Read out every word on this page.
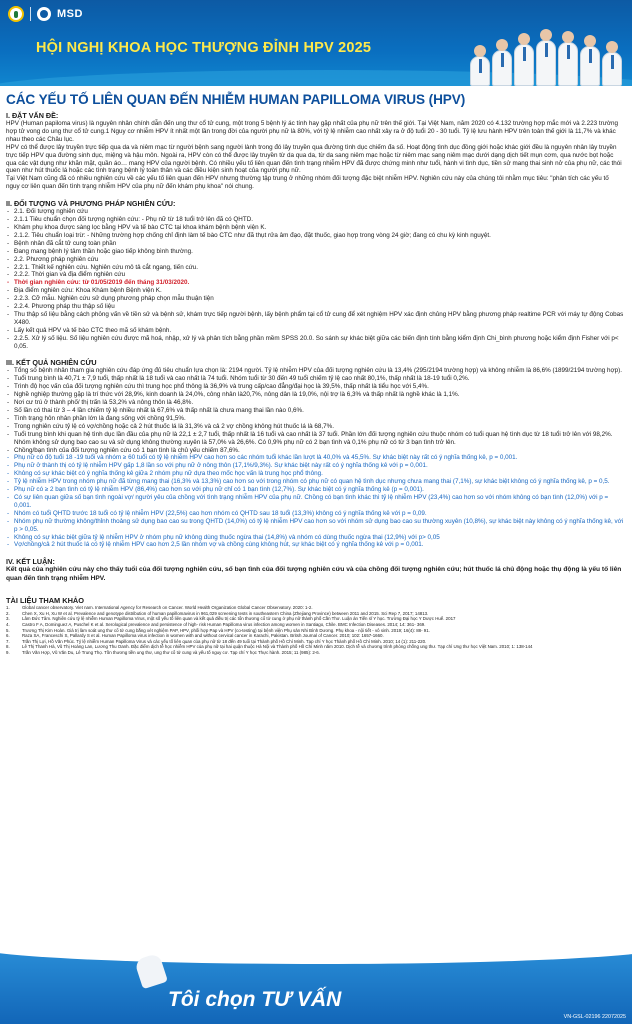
MSD
HỘI NGHỊ KHOA HỌC THƯỢNG ĐỈNH HPV 2025
CÁC YẾU TỐ LIÊN QUAN ĐẾN NHIỄM HUMAN PAPILLOMA VIRUS (HPV)
I. ĐẶT VẤN ĐỀ:

HPV (Human papiloma virus) là nguyên nhân chính dẫn đến ung thư cổ tử cung, một trong 5 bệnh lý ác tính hay gặp nhất của phụ nữ trên thế giới. Tại Việt Nam, năm 2020 có 4.132 trường hợp mắc mới và 2.223 trường hợp tử vong do ung thư cổ tử cung.1 Nguy cơ nhiễm HPV ít nhất một lần trong đời của người phụ nữ là 80%, với tỷ lệ nhiễm cao nhất xảy ra ở độ tuổi 20 - 30 tuổi. Tỷ lệ lưu hành HPV trên toàn thế giới là 11,7% và khác nhau theo các Châu lục.

HPV có thể được lây truyền trực tiếp qua da và niêm mạc từ người bệnh sang người lành trong đó lây truyền qua đường tình dục chiếm đa số. Hoạt động tình dục đồng giới hoặc khác giới đều là nguyên nhân lây truyền trực tiếp HPV qua đường sinh dục, miệng và hậu môn. Ngoài ra, HPV còn có thể được lây truyền từ da qua da, từ da sang niêm mạc hoặc từ niêm mạc sang niêm mạc dưới dạng dịch tiết mụn cơm, qua nước bọt hoặc qua các vật dụng như khăn mặt, quần áo… mang HPV của người bệnh. Có nhiều yếu tố liên quan đến tình trạng nhiễm HPV đã được chứng minh như tuổi, hành vi tình dục, tiền sử mang thai sinh nở của phụ nữ, các thói quen như hút thuốc lá hoặc các tình trạng bệnh lý toàn thân và các điều kiện sinh hoạt của người phụ nữ.

Tại Việt Nam cũng đã có nhiều nghiên cứu về các yếu tố liên quan đến HPV nhưng thường tập trung ở những nhóm đối tượng đặc biệt nhiễm HPV. Nghiên cứu này của chúng tôi nhằm mục tiêu: "phân tích các yếu tố nguy cơ liên quan đến tình trạng nhiễm HPV của phụ nữ đến khám phụ khoa" nói chung.

II. ĐỐI TƯỢNG VÀ PHƯƠNG PHÁP NGHIÊN CỨU:

- 2.1. Đối tượng nghiên cứu

- 2.1.1 Tiêu chuẩn chọn đối tượng nghiên cứu: - Phụ nữ từ 18 tuổi trở lên đã có QHTD.

- Khám phụ khoa được sàng lọc bằng HPV và tế bào CTC tại khoa khám bệnh bệnh viện K.

- 2.1.2. Tiêu chuẩn loại trừ: - Những trường hợp chống chỉ định làm tế bào CTC như đã thụt rửa âm đạo, đặt thuốc, giao hợp trong vòng 24 giờ; đang có chu kỳ kinh nguyệt.

- Bệnh nhân đã cắt tử cung toàn phần

- Đang mang bệnh lý tâm thần hoặc giao tiếp không bình thường.

- 2.2. Phương pháp nghiên cứu

- 2.2.1. Thiết kế nghiên cứu. Nghiên cứu mô tả cắt ngang, tiến cứu.

- 2.2.2. Thời gian và địa điểm nghiên cứu

- Thời gian nghiên cứu: từ 01/05/2019 đến tháng 31/03/2020.

- Địa điểm nghiên cứu: Khoa Khám bệnh Bệnh viện K.

- 2.2.3. Cỡ mẫu. Nghiên cứu sử dụng phương pháp chọn mẫu thuận tiện

- 2.2.4. Phương pháp thu thập số liệu

- Thu thập số liệu bằng cách phỏng vấn về tiền sử và bệnh sử, khám trực tiếp người bệnh, lấy bệnh phẩm tại cổ tử cung để xét nghiệm HPV xác định chủng HPV bằng phương pháp realtime PCR với máy tự động Cobas X480.

- Lấy kết quả HPV và tế bào CTC theo mã số khám bệnh.

- 2.2.5. Xử lý số liệu. Số liệu nghiên cứu được mã hoá, nhập, xử lý và phân tích bằng phần mềm SPSS 20.0. So sánh sự khác biệt giữa các biến định tính bằng kiểm định Chi_bình phương hoặc kiểm định Fisher với p< 0,05.

III. KẾT QUẢ NGHIÊN CỨU

- Tổng số bệnh nhân tham gia nghiên cứu đáp ứng đủ tiêu chuẩn lựa chọn là: 2194 người. Tỷ lệ nhiễm HPV của đối tượng nghiên cứu là 13,4% (295/2194 trường hợp) và không nhiễm là 86,6% (1899/2194 trường hợp).

- Tuổi trung bình là 40,71 ± 7,9 tuổi, thấp nhất là 18 tuổi và cao nhất là 74 tuổi. Nhóm tuổi từ 30 đến 49 tuổi chiếm tỷ lệ cao nhất 80,1%, thấp nhất là 18-19 tuổi 0,2%.

- Trình độ học vấn của đối tượng nghiên cứu thì trung học phổ thông là 36,9% và trung cấp/cao đẳng/đại học là 39,5%, thấp nhất là tiểu học với 5,4%.

- Nghề nghiệp thường gặp là trí thức với 28,9%, kinh doanh là 24,0%, công nhân là20,7%, nông dân là 19,0%, nội trợ là 6,3% và thấp nhất là nghề khác là 1,1%.

- Nơi cư trú ở thành phố/ thị trấn là 53,2% và nông thôn là 46,8%.

- Số lần có thai từ 3 – 4 lần chiếm tỷ lệ nhiều nhất là 67,6% và thấp nhất là chưa mang thai lần nào 0,6%.

- Tình trạng hôn nhân phần lớn là đang sống với chồng 91,5%.

- Trong nghiên cứu tỷ lệ có vợ/chồng hoặc cả 2 hút thuốc lá là 31,3% và cả 2 vợ chồng không hút thuốc lá là 68,7%.

- Tuổi trung bình khi quan hệ tình dục lần đầu của phụ nữ là 22,1 ± 2,7 tuổi, thấp nhất là 16 tuổi và cao nhất là 37 tuổi. Phần lớn đối tượng nghiên cứu thuộc nhóm có tuổi quan hệ tình dục từ 18 tuổi trở lên với 98,2%. Nhóm không sử dụng bao cao su và sử dụng không thường xuyên là 57,0% và 26,6%. Có 0,9% phụ nữ có 2 bạn tình và 0,1% phụ nữ có từ 3 bạn tình trở lên.

- Chồng/bạn tình của đối tượng nghiên cứu có 1 bạn tình là chủ yếu chiếm 87,6%.

- Phụ nữ có độ tuổi 18 -19 tuổi và nhóm ≥ 60 tuổi có tỷ lệ nhiễm HPV cao hơn so các nhóm tuổi khác lần lượt là 40,0% và 45,5%. Sự khác biệt này rất có ý nghĩa thống kê, p = 0,001.

- Phụ nữ ở thành thị có tỷ lệ nhiễm HPV gấp 1,8 lần so với phụ nữ ở nông thôn (17,1%/9,3%). Sự khác biệt này rất có ý nghĩa thống kê với p = 0,001.

- Không có sự khác biệt có ý nghĩa thống kê giữa 2 nhóm phụ nữ dựa theo mốc học vấn là trung học phổ thông.

- Tỷ lệ nhiễm HPV trong nhóm phụ nữ đã từng mang thai (16,3% và 13,3%) cao hơn so với trong nhóm có phụ nữ có quan hệ tình dục nhưng chưa mang thai (7,1%), sự khác biệt không có ý nghĩa thống kê, p = 0,5.

- Phụ nữ có ≥ 2 bạn tình có tỷ lệ nhiễm HPV (86,4%) cao hơn so với phụ nữ chỉ có 1 bạn tình (12,7%). Sự khác biệt có ý nghĩa thống kê (p = 0,001).

- Có sự liên quan giữa số bạn tình ngoài vợ/ người yêu của chồng với tình trạng nhiễm HPV của phụ nữ. Chồng có bạn tình khác thì tỷ lệ nhiễm HPV (23,4%) cao hơn so với nhóm không có bạn tình (12,0%) với p = 0,001.

- Nhóm có tuổi QHTD trước 18 tuổi có tỷ lệ nhiễm HPV (22,5%) cao hơn nhóm có QHTD sau 18 tuổi (13,3%) không có ý nghĩa thống kê với p = 0,09.

- Nhóm phụ nữ thường không/thỉnh thoảng sử dụng bao cao su trong QHTD (14,0%) có tỷ lệ nhiễm HPV cao hơn so với nhóm sử dụng bao cao su thường xuyên (10,8%), sự khác biệt này không có ý nghĩa thống kê, với p > 0,05.

- Không có sự khác biệt giữa tỷ lệ nhiễm HPV ở nhóm phụ nữ không dùng thuốc ngừa thai (14,8%) và nhóm có dùng thuốc ngừa thai (12,9%) với p> 0,05

- Vợ/chồng/cả 2 hút thuốc lá có tỷ lệ nhiễm HPV cao hơn 2,5 lần nhóm vợ và chồng cùng không hút, sự khác biệt có ý nghĩa thống kê với p = 0,001.

IV. KẾT LUẬN:

Kết quả của nghiên cứu này cho thấy tuổi của đối tượng nghiên cứu, số bạn tình của đối tượng nghiên cứu và của chồng đối tượng nghiên cứu; hút thuốc lá chủ động hoặc thụ động là yếu tố liên quan đến tình trạng nhiễm HPV.

TÀI LIỆU THAM KHẢO
1.	Global cancer observatory. Viet nam. International Agency for Research on Cancer. World Health Organization Global Cancer Observatory. 2020: 1-2.
2.	Chen X, Xu H, Xu W et al. Prevalence and genotype distribution of human papillomavirus in 961,029 screening tests in southeastern China (Zhejiang Province) between 2011 and 2015. Sci Rep 7, 2017; 14813.
3.	Lâm Đức Tâm. Nghiên cứu tỷ lệ nhiễm Human Papilloma Virus, một số yếu tố liên quan và kết quả điều trị các tổn thương cổ tử cung ở phụ nữ thành phố Cần Thơ. Luận án Tiến sĩ Y học. Trường Đại học Y Dược Huế. 2017
4.	Castro F A, Dominguez A, Puschel K et al. Serological prevalence and persistence of high- risk Human Papilloma virus infection among women in Santiago, Chile. BMC Infection Diseases. 2014; 14: 361- 369.
5.	Trương Thị Kim Hoàn. Giá trị làm soát ung thư cổ tử cung bằng xét nghiệm PAP, HPV, phối hợp Pap và HPV (co-testing) tại bệnh viện Phụ sản Nhi Bình Dương. Phụ khoa - nội tiết - vô sinh. 2019; 16(4): 88- 91.
6.	Raza SA, Franceschi S, Pallardy S et al. Human Papilloma virus infection in women with and without cervical cancer in Karachi, Pakistan. Britsh Journal of Cancer. 2010; 102: 1657-1660.
7.	Trần Thị Lợi, Hồ Văn Phúc. Tỷ lệ nhiễm Human Papilloma Virus và các yếu tố liên quan của phụ nữ từ 18 đến 49 tuổi tại Thành phố Hồ Chí Minh. Tạp chí Y học Thành phố Hồ Chí Minh. 2010; 14 (1): 211-220.
8.	Lê Thị Thanh Hà, Vũ Thị Hoàng Lan, Lương Thu Oanh. Đặc điểm dịch tễ học nhiễm HPV của phụ nữ tại hai quận thuộc Hà Nội và Thành phố Hồ Chí Minh năm 2010. Dịch tễ và chương trình phòng chống ung thư. Tạp chí Ung thư học Việt Nam. 2010; 1: 138-144
9.	Trần Văn Hợp, Vũ Văn Du, Lê Trung Thọ. Tồn thương tiền ung thư, ung thư cổ tử cung và yếu tố nguy cơ. Tạp chí Y học Thực hành. 2015; 11 (985): 2-6.
Tôi chọn TƯ VẤN
VN-GSL-02196 22072025
